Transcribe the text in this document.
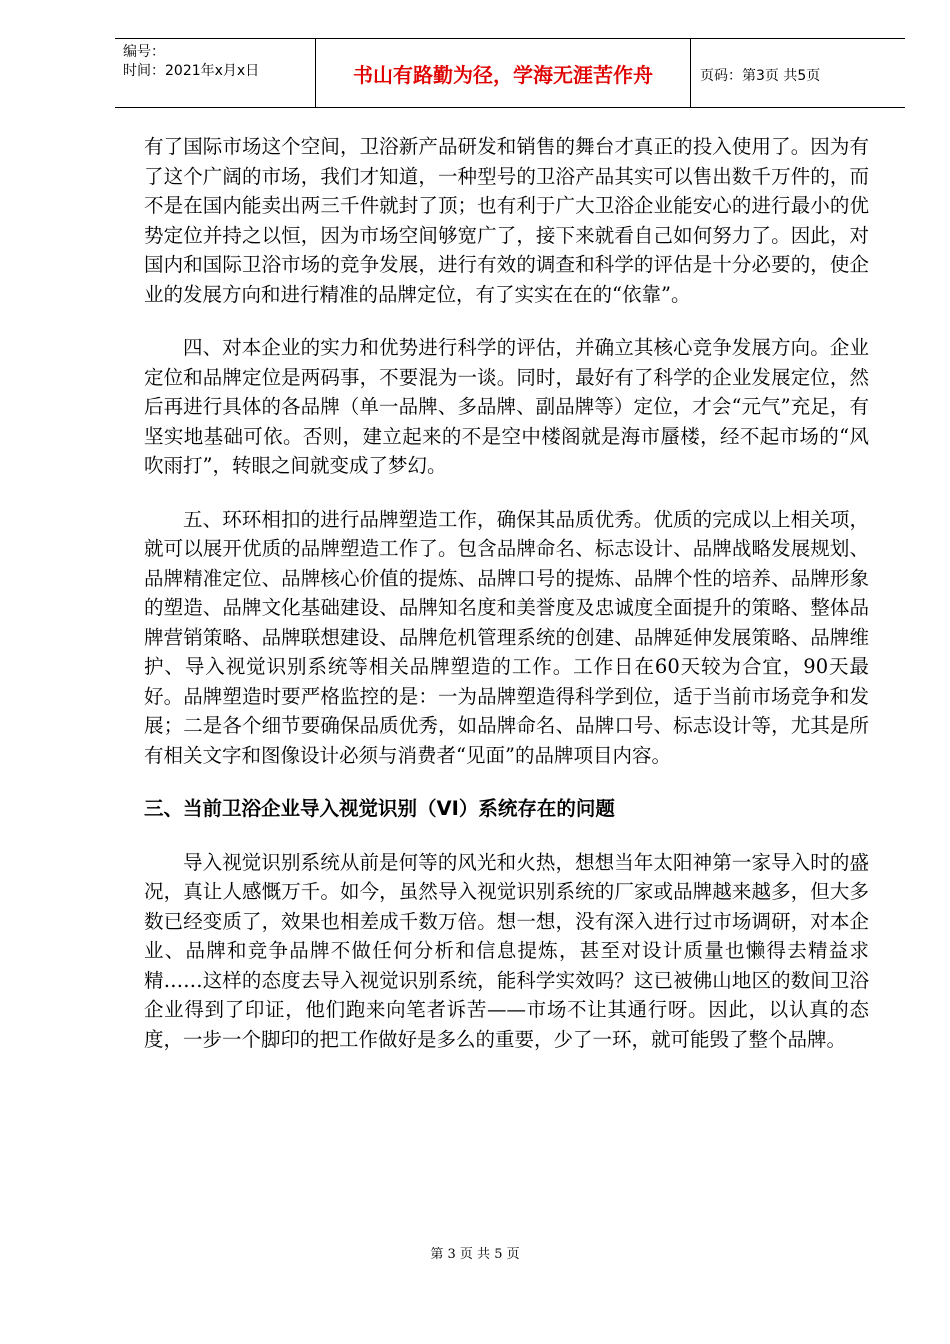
编号：
时间：2021年x月x日	书山有路勤为径，学海无涯苦作舟	页码：第3页 共5页

有了国际市场这个空间，卫浴新产品研发和销售的舞台才真正的投入使用了。因为有了这个广阔的市场，我们才知道，一种型号的卫浴产品其实可以售出数千万件的，而不是在国内能卖出两三千件就封了顶；也有利于广大卫浴企业能安心的进行最小的优势定位并持之以恒，因为市场空间够宽广了，接下来就看自己如何努力了。因此，对国内和国际卫浴市场的竞争发展，进行有效的调查和科学的评估是十分必要的，使企业的发展方向和进行精准的品牌定位，有了实实在在的“依靠”。

四、对本企业的实力和优势进行科学的评估，并确立其核心竞争发展方向。企业定位和品牌定位是两码事，不要混为一谈。同时，最好有了科学的企业发展定位，然后再进行具体的各品牌（单一品牌、多品牌、副品牌等）定位，才会“元气”充足，有坚实地基础可依。否则，建立起来的不是空中楼阁就是海市蜃楼，经不起市场的“风吹雨打”，转眼之间就变成了梦幻。

五、环环相扣的进行品牌塑造工作，确保其品质优秀。优质的完成以上相关项，就可以展开优质的品牌塑造工作了。包含品牌命名、标志设计、品牌战略发展规划、品牌精准定位、品牌核心价值的提炼、品牌口号的提炼、品牌个性的培养、品牌形象的塑造、品牌文化基础建设、品牌知名度和美誉度及忠诚度全面提升的策略、整体品牌营销策略、品牌联想建设、品牌危机管理系统的创建、品牌延伸发展策略、品牌维护、导入视觉识别系统等相关品牌塑造的工作。工作日在60天较为合宜，90天最好。品牌塑造时要严格监控的是：一为品牌塑造得科学到位，适于当前市场竞争和发展；二是各个细节要确保品质优秀，如品牌命名、品牌口号、标志设计等，尤其是所有相关文字和图像设计必须与消费者“见面”的品牌项目内容。

三、当前卫浴企业导入视觉识别（VI）系统存在的问题

导入视觉识别系统从前是何等的风光和火热，想想当年太阳神第一家导入时的盛况，真让人感慨万千。如今，虽然导入视觉识别系统的厂家或品牌越来越多，但大多数已经变质了，效果也相差成千数万倍。想一想，没有深入进行过市场调研，对本企业、品牌和竞争品牌不做任何分析和信息提炼，甚至对设计质量也懒得去精益求精……这样的态度去导入视觉识别系统，能科学实效吗？这已被佛山地区的数间卫浴企业得到了印证，他们跑来向笔者诉苦——市场不让其通行呀。因此，以认真的态度，一步一个脚印的把工作做好是多么的重要，少了一环，就可能毁了整个品牌。

第 3 页 共 5 页
